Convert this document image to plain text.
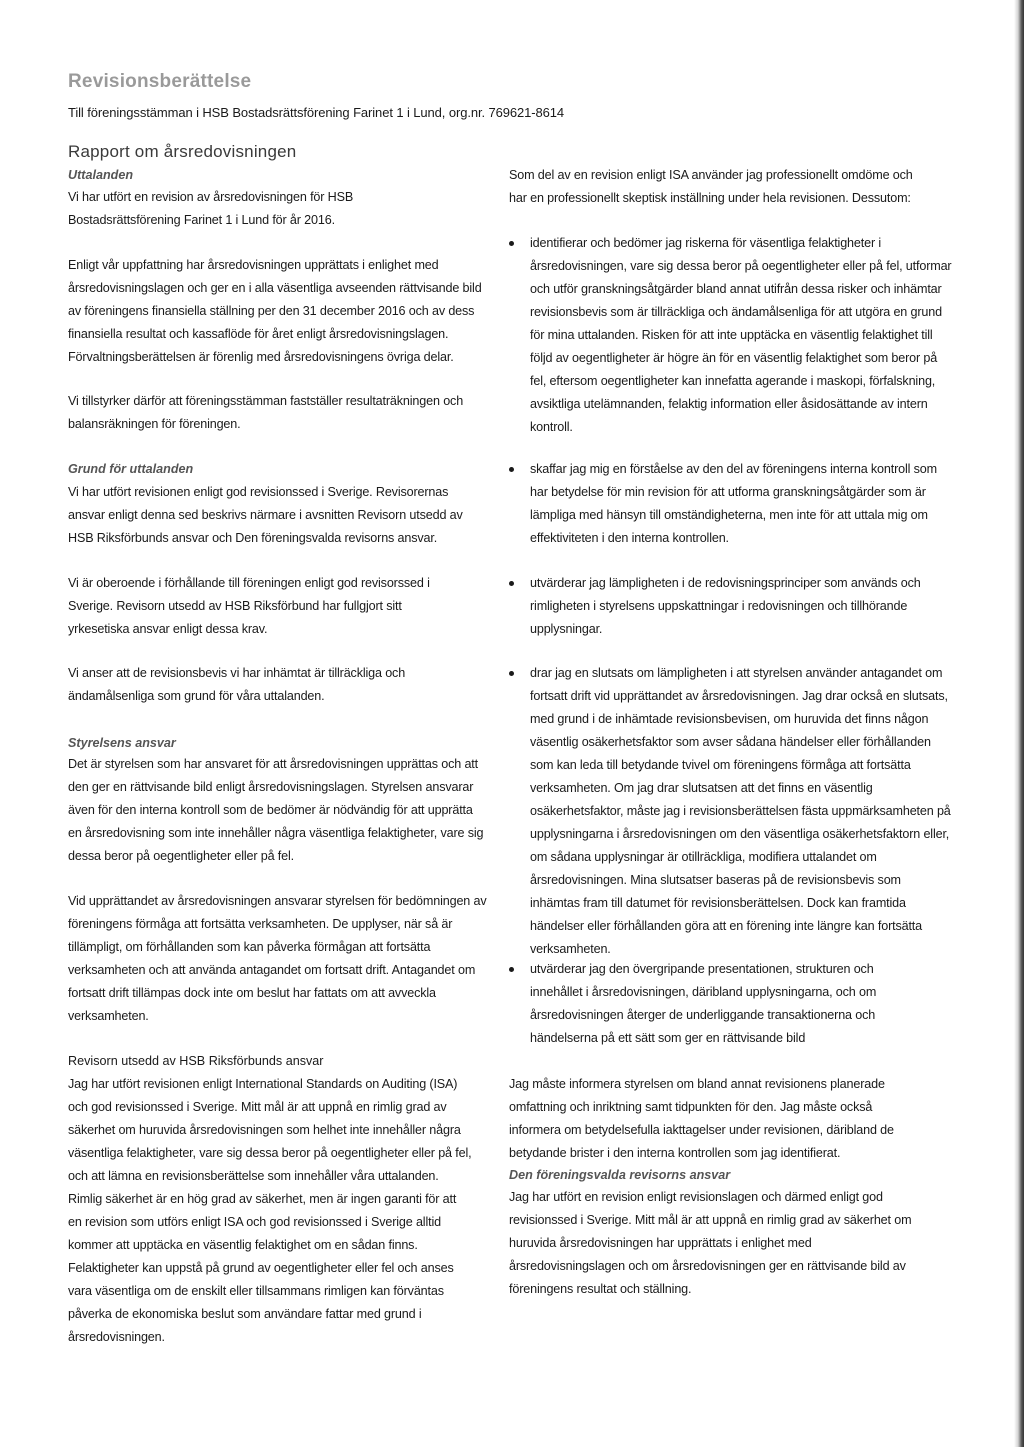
Revisionsberättelse

Till föreningsstämman i HSB Bostadsrättsförening Farinet 1 i Lund, org.nr. 769621-8614

Rapport om årsredovisningen
Uttalanden

Vi har utfört en revision av årsredovisningen för HSB Bostadsrättsförening Farinet 1 i Lund för år 2016.

Enligt vår uppfattning har årsredovisningen upprättats i enlighet med årsredovisningslagen och ger en i alla väsentliga avseenden rättvisande bild av föreningens finansiella ställning per den 31 december 2016 och av dess finansiella resultat och kassaflöde för året enligt årsredovisningslagen. Förvaltningsberättelsen är förenlig med årsredovisningens övriga delar.

Vi tillstyrker därför att föreningsstämman fastställer resultaträkningen och balansräkningen för föreningen.

Grund för uttalanden

Vi har utfört revisionen enligt god revisionssed i Sverige. Revisorernas ansvar enligt denna sed beskrivs närmare i avsnitten Revisorn utsedd av HSB Riksförbunds ansvar och Den föreningsvalda revisorns ansvar.

Vi är oberoende i förhållande till föreningen enligt god revisorssed i Sverige. Revisorn utsedd av HSB Riksförbund har fullgjort sitt yrkesetiska ansvar enligt dessa krav.

Vi anser att de revisionsbevis vi har inhämtat är tillräckliga och ändamålsenliga som grund för våra uttalanden.

Styrelsens ansvar

Det är styrelsen som har ansvaret för att årsredovisningen upprättas och att den ger en rättvisande bild enligt årsredovisningslagen. Styrelsen ansvarar även för den interna kontroll som de bedömer är nödvändig för att upprätta en årsredovisning som inte innehåller några väsentliga felaktigheter, vare sig dessa beror på oegentligheter eller på fel.

Vid upprättandet av årsredovisningen ansvarar styrelsen för bedömningen av föreningens förmåga att fortsätta verksamheten. De upplyser, när så är tillämpligt, om förhållanden som kan påverka förmågan att fortsätta verksamheten och att använda antagandet om fortsatt drift. Antagandet om fortsatt drift tillämpas dock inte om beslut har fattats om att avveckla verksamheten.

Revisorn utsedd av HSB Riksförbunds ansvar

Jag har utfört revisionen enligt International Standards on Auditing (ISA) och god revisionssed i Sverige. Mitt mål är att uppnå en rimlig grad av säkerhet om huruvida årsredovisningen som helhet inte innehåller några väsentliga felaktigheter, vare sig dessa beror på oegentligheter eller på fel, och att lämna en revisionsberättelse som innehåller våra uttalanden. Rimlig säkerhet är en hög grad av säkerhet, men är ingen garanti för att en revision som utförs enligt ISA och god revisionssed i Sverige alltid kommer att upptäcka en väsentlig felaktighet om en sådan finns. Felaktigheter kan uppstå på grund av oegentligheter eller fel och anses vara väsentliga om de enskilt eller tillsammans rimligen kan förväntas påverka de ekonomiska beslut som användare fattar med grund i årsredovisningen.

Som del av en revision enligt ISA använder jag professionellt omdöme och har en professionellt skeptisk inställning under hela revisionen. Dessutom:

identifierar och bedömer jag riskerna för väsentliga felaktigheter i årsredovisningen, vare sig dessa beror på oegentligheter eller på fel, utformar och utför granskningsåtgärder bland annat utifrån dessa risker och inhämtar revisionsbevis som är tillräckliga och ändamålsenliga för att utgöra en grund för mina uttalanden. Risken för att inte upptäcka en väsentlig felaktighet till följd av oegentligheter är högre än för en väsentlig felaktighet som beror på fel, eftersom oegentligheter kan innefatta agerande i maskopi, förfalskning, avsiktliga utelämnanden, felaktig information eller åsidosättande av intern kontroll.

skaffar jag mig en förståelse av den del av föreningens interna kontroll som har betydelse för min revision för att utforma granskningsåtgärder som är lämpliga med hänsyn till omständigheterna, men inte för att uttala mig om effektiviteten i den interna kontrollen.

utvärderar jag lämpligheten i de redovisningsprinciper som används och rimligheten i styrelsens uppskattningar i redovisningen och tillhörande upplysningar.

drar jag en slutsats om lämpligheten i att styrelsen använder antagandet om fortsatt drift vid upprättandet av årsredovisningen. Jag drar också en slutsats, med grund i de inhämtade revisionsbevisen, om huruvida det finns någon väsentlig osäkerhetsfaktor som avser sådana händelser eller förhållanden som kan leda till betydande tvivel om föreningens förmåga att fortsätta verksamheten. Om jag drar slutsatsen att det finns en väsentlig osäkerhetsfaktor, måste jag i revisionsberättelsen fästa uppmärksamheten på upplysningarna i årsredovisningen om den väsentliga osäkerhetsfaktorn eller, om sådana upplysningar är otillräckliga, modifiera uttalandet om årsredovisningen. Mina slutsatser baseras på de revisionsbevis som inhämtas fram till datumet för revisionsberättelsen. Dock kan framtida händelser eller förhållanden göra att en förening inte längre kan fortsätta verksamheten.

utvärderar jag den övergripande presentationen, strukturen och innehållet i årsredovisningen, däribland upplysningarna, och om årsredovisningen återger de underliggande transaktionerna och händelserna på ett sätt som ger en rättvisande bild

Jag måste informera styrelsen om bland annat revisionens planerade omfattning och inriktning samt tidpunkten för den. Jag måste också informera om betydelsefulla iakttagelser under revisionen, däribland de betydande brister i den interna kontrollen som jag identifierat.

Den föreningsvalda revisorns ansvar

Jag har utfört en revision enligt revisionslagen och därmed enligt god revisionssed i Sverige. Mitt mål är att uppnå en rimlig grad av säkerhet om huruvida årsredovisningen har upprättats i enlighet med årsredovisningslagen och om årsredovisningen ger en rättvisande bild av föreningens resultat och ställning.
